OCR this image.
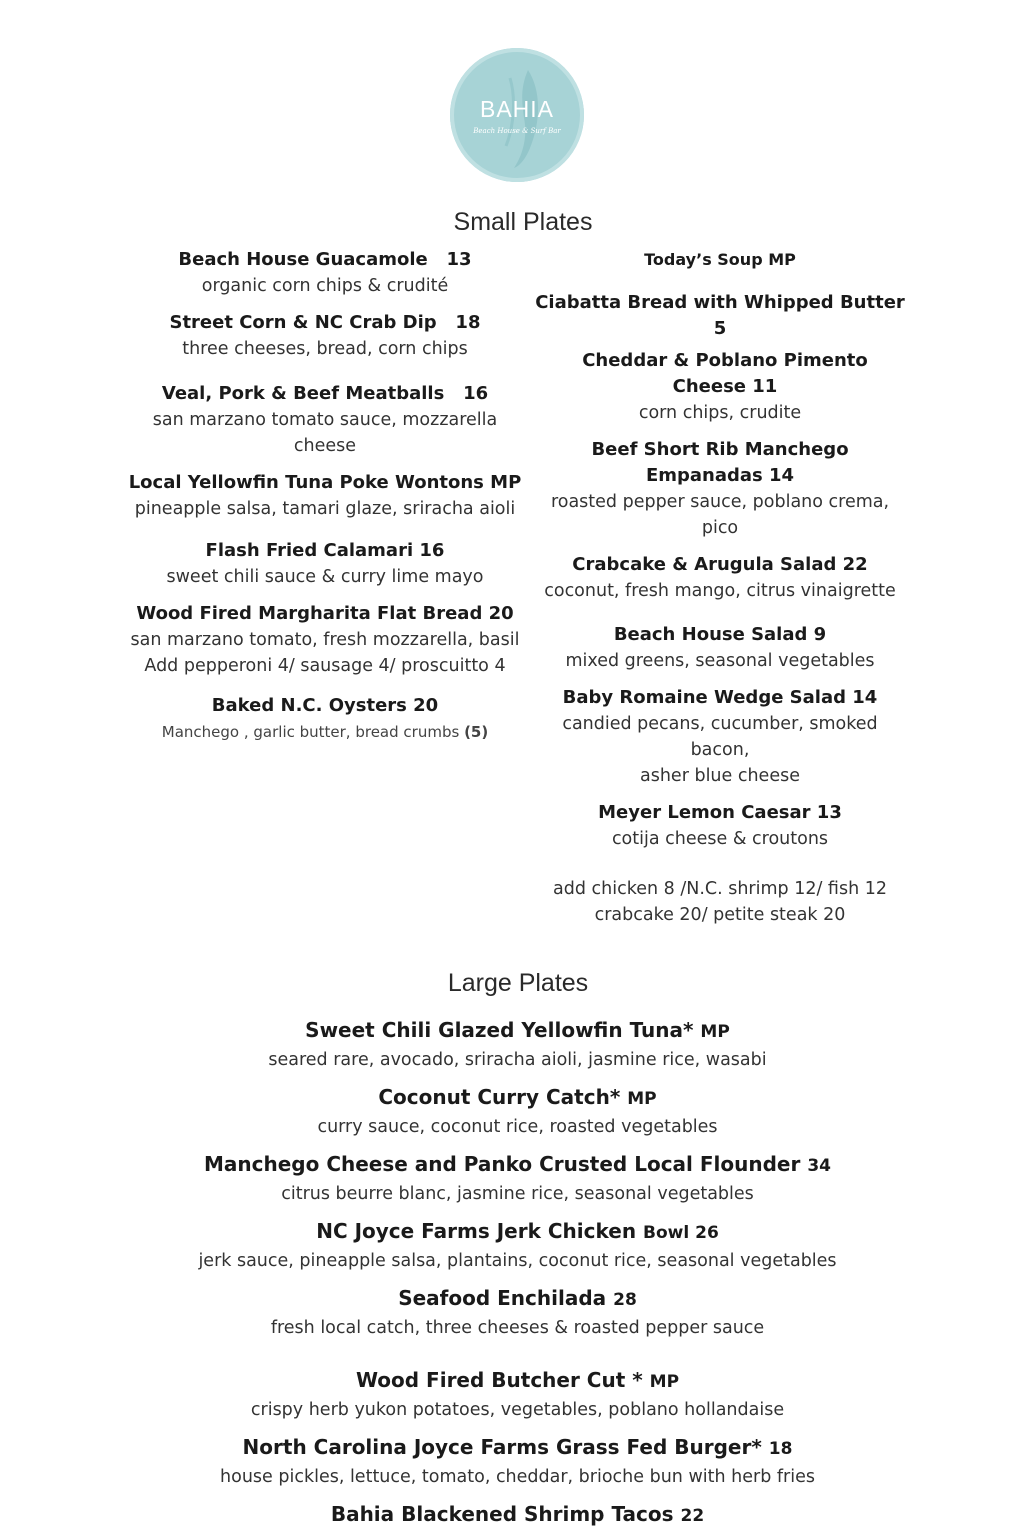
BAHIA
Beach House & Surf Bar
Small Plates
Beach House Guacamole   13
organic corn chips & crudité
Street Corn & NC Crab Dip   18
three cheeses, bread, corn chips
Veal, Pork & Beef Meatballs   16
san marzano tomato sauce, mozzarella cheese
Local Yellowfin Tuna Poke Wontons MP
pineapple salsa, tamari glaze, sriracha aioli
Flash Fried Calamari 16
sweet chili sauce & curry lime mayo
Wood Fired Margharita Flat Bread 20
san marzano tomato, fresh mozzarella, basil
Add pepperoni 4/ sausage 4/ proscuitto 4
Baked N.C. Oysters 20
Manchego , garlic butter, bread crumbs (5)
Today’s Soup MP
Ciabatta Bread with Whipped Butter 5
Cheddar & Poblano Pimento Cheese 11
corn chips, crudite
Beef Short Rib Manchego Empanadas 14
roasted pepper sauce, poblano crema, pico
Crabcake & Arugula Salad 22
coconut, fresh mango, citrus vinaigrette
Beach House Salad 9
mixed greens, seasonal vegetables
Baby Romaine Wedge Salad 14
candied pecans, cucumber, smoked bacon,
asher blue cheese
Meyer Lemon Caesar 13
cotija cheese & croutons
add chicken 8 /N.C. shrimp 12/ fish 12
crabcake 20/ petite steak 20
Large Plates
Sweet Chili Glazed Yellowfin Tuna* MP
seared rare, avocado, sriracha aioli, jasmine rice, wasabi
Coconut Curry Catch* MP
curry sauce, coconut rice, roasted vegetables
Manchego Cheese and Panko Crusted Local Flounder 34
citrus beurre blanc, jasmine rice, seasonal vegetables
NC Joyce Farms Jerk Chicken Bowl 26
jerk sauce, pineapple salsa, plantains, coconut rice, seasonal vegetables
Seafood Enchilada 28
fresh local catch, three cheeses & roasted pepper sauce
Wood Fired Butcher Cut * MP
crispy herb yukon potatoes, vegetables, poblano hollandaise
North Carolina Joyce Farms Grass Fed Burger* 18
house pickles, lettuce, tomato, cheddar, brioche bun with herb fries
Bahia Blackened Shrimp Tacos 22
